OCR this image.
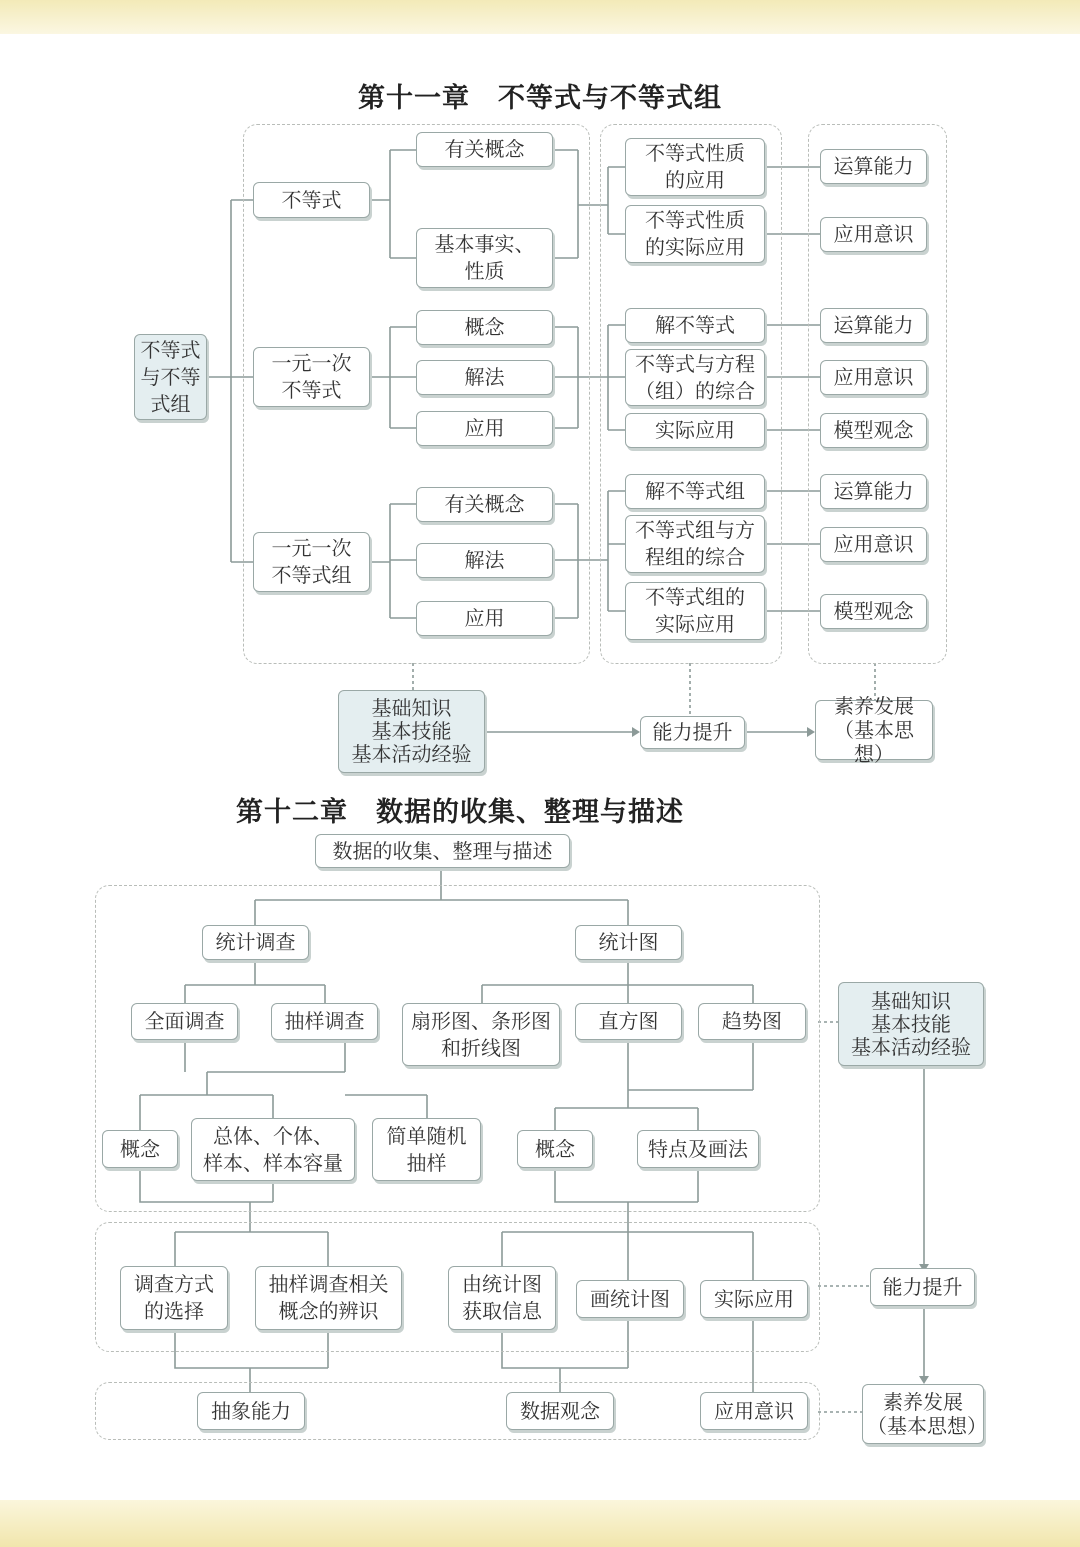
第十一章　不等式与不等式组
不等式
与不等
式组
不等式
一元一次
不等式
一元一次
不等式组
有关概念
基本事实、
性质
概念
解法
应用
有关概念
解法
应用
不等式性质
的应用
不等式性质
的实际应用
解不等式
不等式与方程
（组）的综合
实际应用
解不等式组
不等式组与方
程组的综合
不等式组的
实际应用
运算能力
应用意识
运算能力
应用意识
模型观念
运算能力
应用意识
模型观念
基础知识
基本技能
基本活动经验
能力提升
素养发展
（基本思想）
第十二章　数据的收集、整理与描述
数据的收集、整理与描述
统计调查	统计图
全面调查	抽样调查	扇形图、条形图
和折线图
直方图	趋势图
概念
总体、个体、
样本、样本容量
简单随机
抽样
概念	特点及画法
调查方式
的选择
抽样调查相关
概念的辨识
由统计图
获取信息
画统计图	实际应用
抽象能力	数据观念	应用意识
基础知识
基本技能
基本活动经验
能力提升
素养发展
（基本思想）
